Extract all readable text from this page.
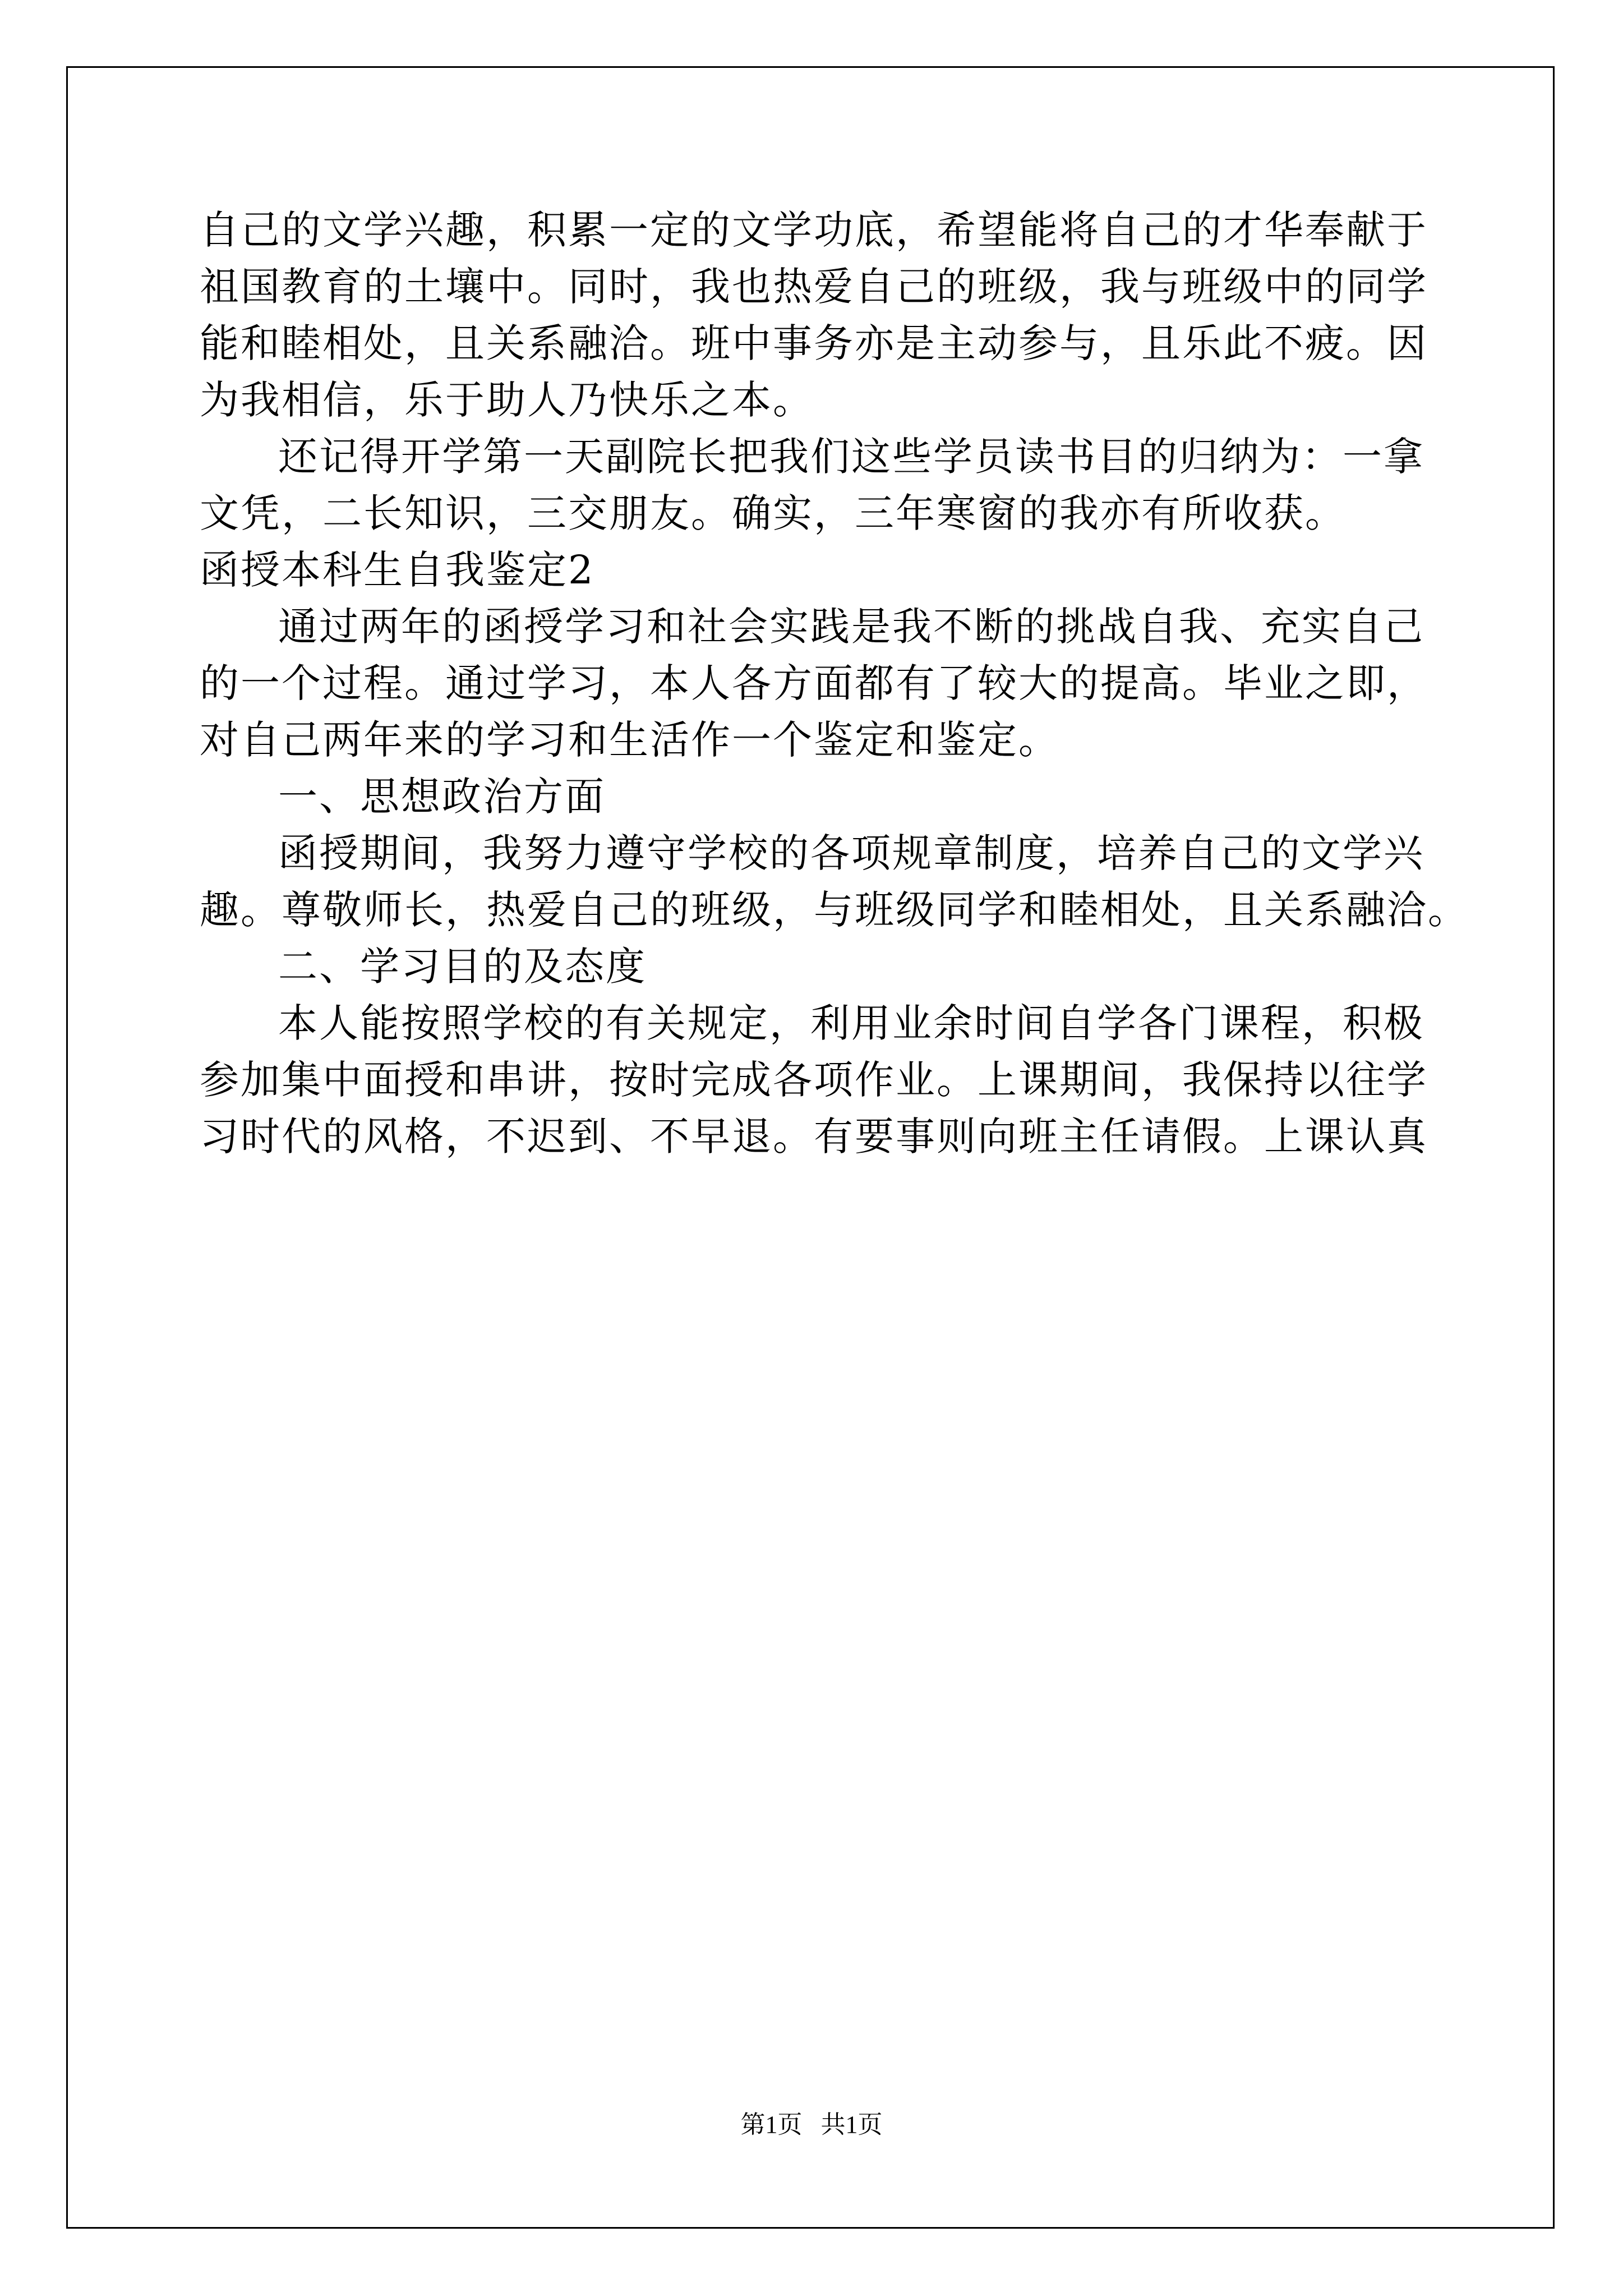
自己的文学兴趣，积累一定的文学功底，希望能将自己的才华奉献于
祖国教育的土壤中。同时，我也热爱自己的班级，我与班级中的同学
能和睦相处，且关系融洽。班中事务亦是主动参与，且乐此不疲。因
为我相信，乐于助人乃快乐之本。
还记得开学第一天副院长把我们这些学员读书目的归纳为：一拿
文凭，二长知识，三交朋友。确实，三年寒窗的我亦有所收获。
函授本科生自我鉴定2
通过两年的函授学习和社会实践是我不断的挑战自我、充实自己
的一个过程。通过学习，本人各方面都有了较大的提高。毕业之即，
对自己两年来的学习和生活作一个鉴定和鉴定。
一、思想政治方面
函授期间，我努力遵守学校的各项规章制度，培养自己的文学兴
趣。尊敬师长，热爱自己的班级，与班级同学和睦相处，且关系融洽。
二、学习目的及态度
本人能按照学校的有关规定，利用业余时间自学各门课程，积极
参加集中面授和串讲，按时完成各项作业。上课期间，我保持以往学
习时代的风格，不迟到、不早退。有要事则向班主任请假。上课认真
第1页   共1页
